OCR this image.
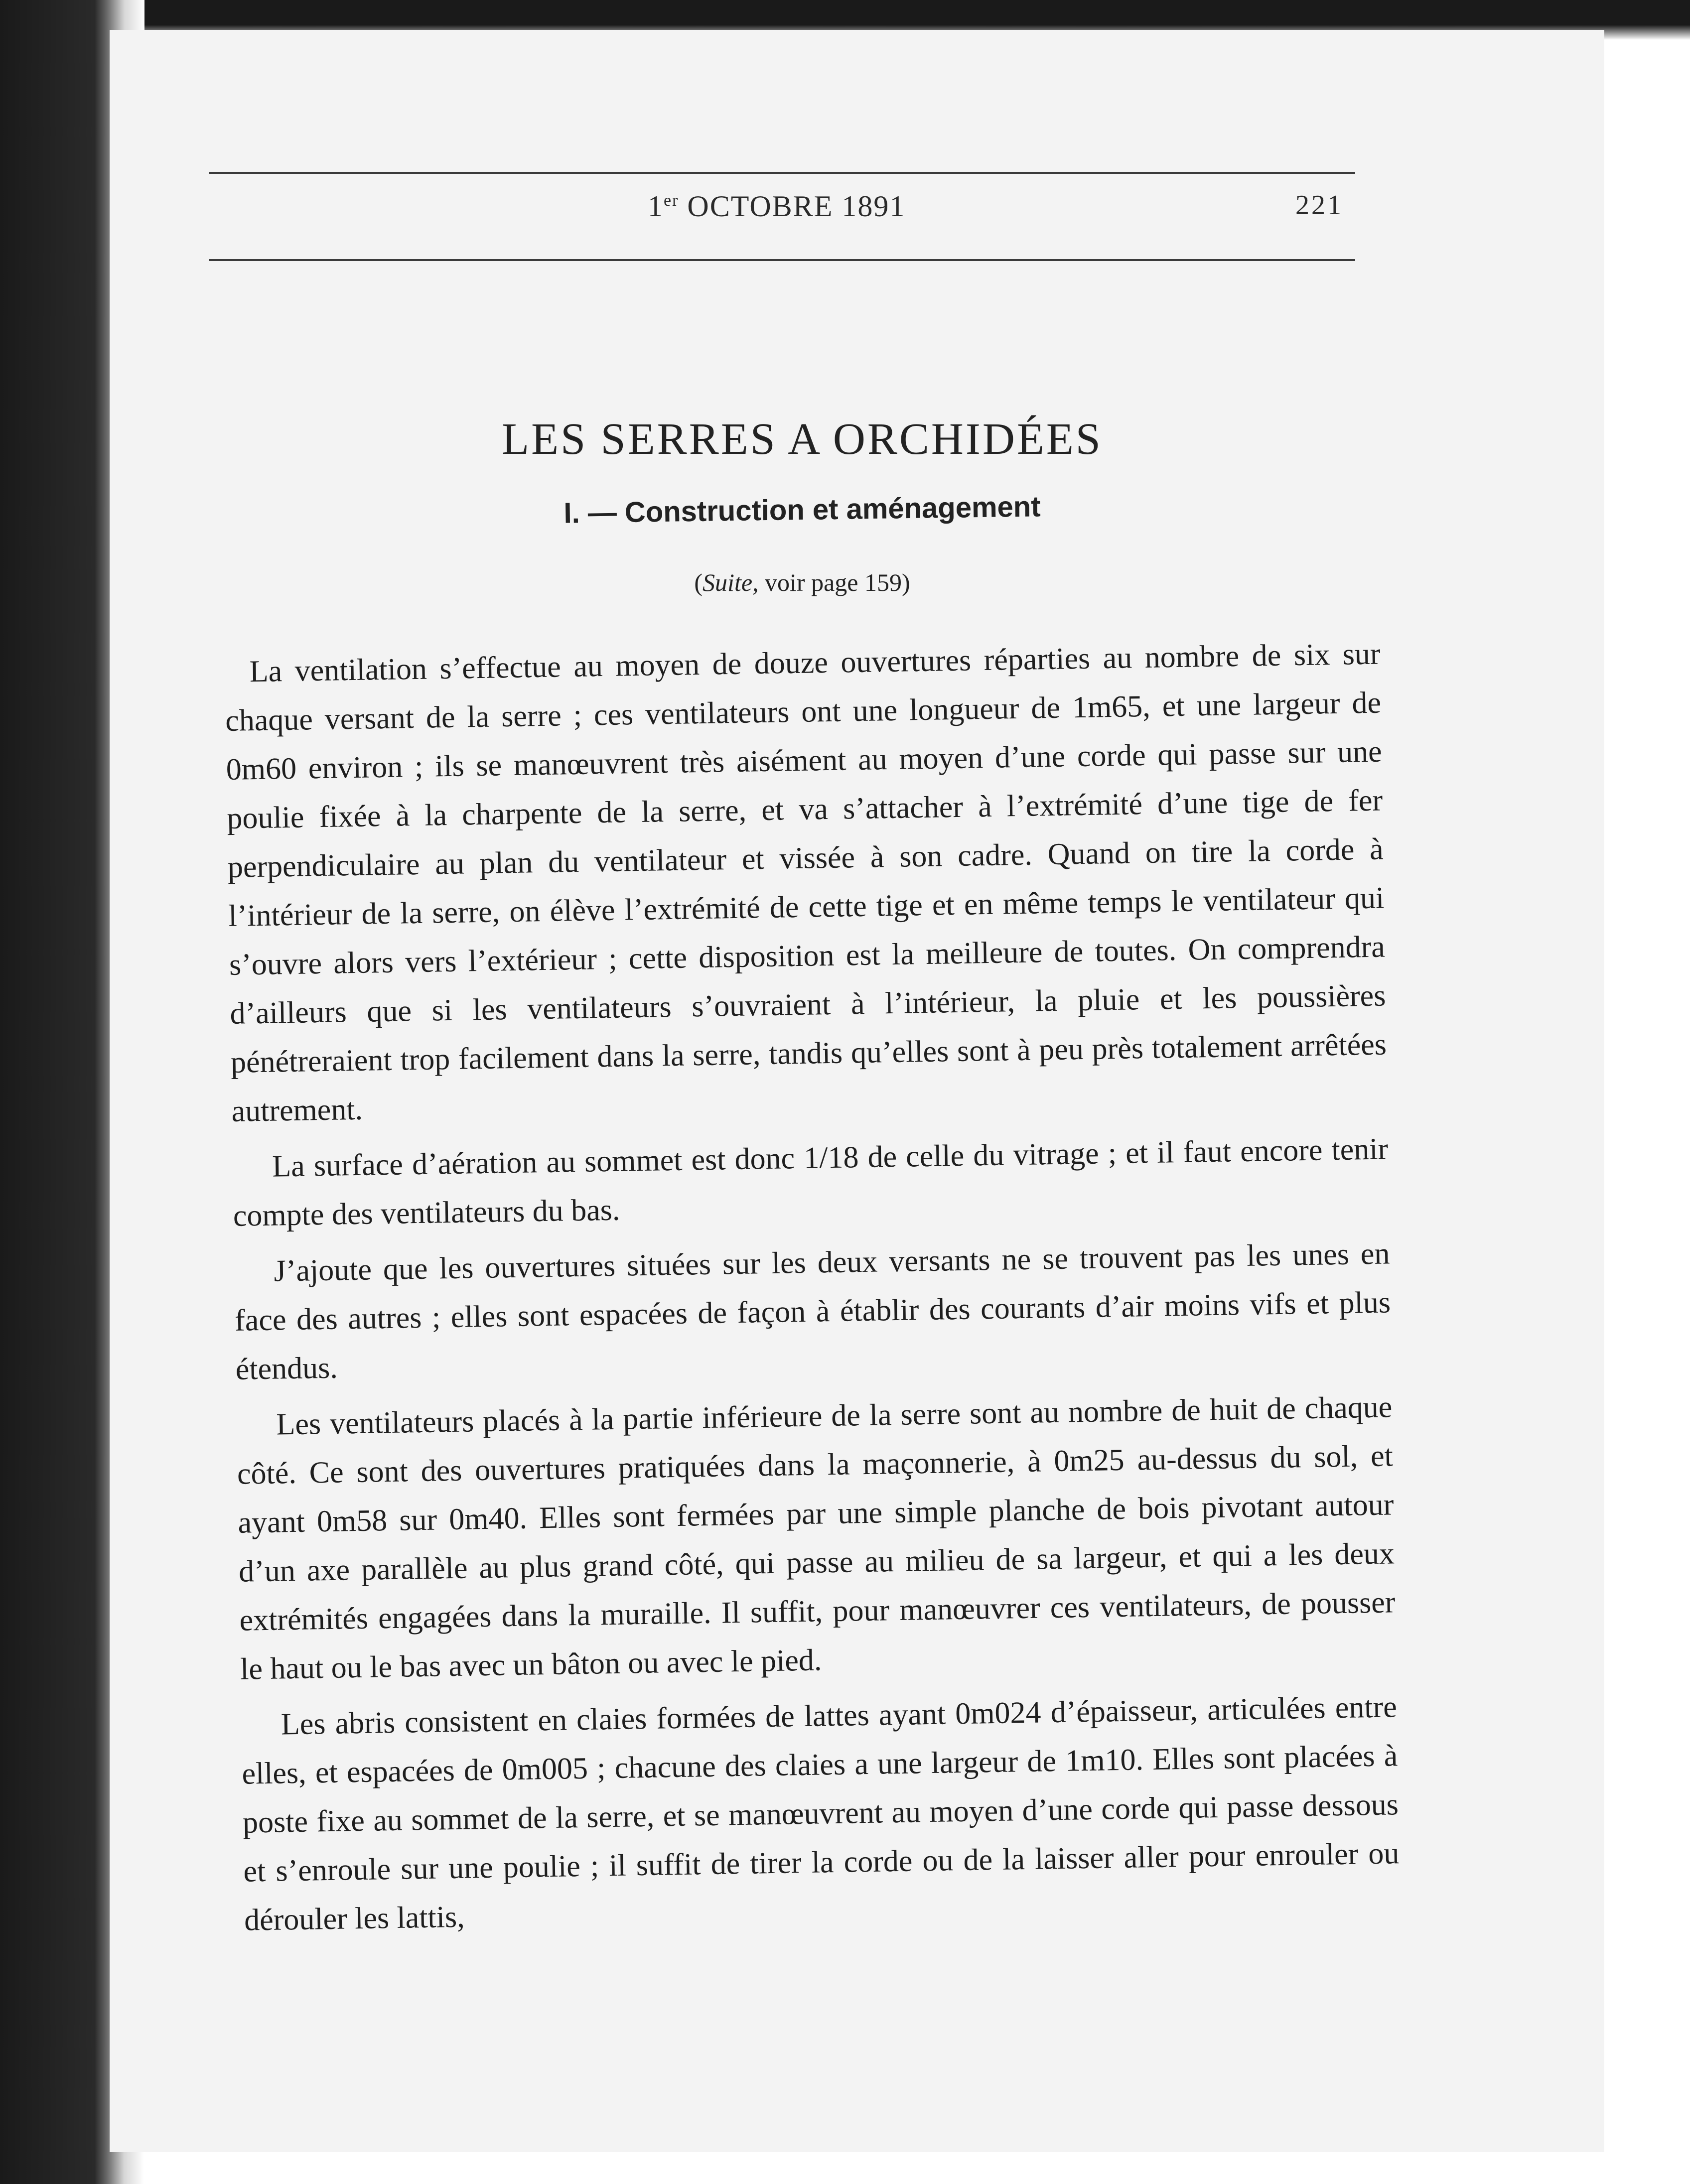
1er OCTOBRE 1891	221
LES SERRES A ORCHIDÉES
I. — Construction et aménagement
(Suite, voir page 159)

La ventilation s’effectue au moyen de douze ouvertures réparties au nombre de six sur chaque versant de la serre ; ces ventilateurs ont une longueur de 1m65, et une largeur de 0m60 environ ; ils se manœuvrent très aisément au moyen d’une corde qui passe sur une poulie fixée à la charpente de la serre, et va s’attacher à l’extrémité d’une tige de fer perpendiculaire au plan du ventilateur et vissée à son cadre. Quand on tire la corde à l’intérieur de la serre, on élève l’extrémité de cette tige et en même temps le ventilateur qui s’ouvre alors vers l’extérieur ; cette disposition est la meilleure de toutes. On comprendra d’ailleurs que si les ventilateurs s’ouvraient à l’intérieur, la pluie et les poussières pénétreraient trop facilement dans la serre, tandis qu’elles sont à peu près totalement arrêtées autrement.

La surface d’aération au sommet est donc 1/18 de celle du vitrage ; et il faut encore tenir compte des ventilateurs du bas.

J’ajoute que les ouvertures situées sur les deux versants ne se trouvent pas les unes en face des autres ; elles sont espacées de façon à établir des courants d’air moins vifs et plus étendus.

Les ventilateurs placés à la partie inférieure de la serre sont au nombre de huit de chaque côté. Ce sont des ouvertures pratiquées dans la maçonnerie, à 0m25 au-dessus du sol, et ayant 0m58 sur 0m40. Elles sont fermées par une simple planche de bois pivotant autour d’un axe parallèle au plus grand côté, qui passe au milieu de sa largeur, et qui a les deux extrémités engagées dans la muraille. Il suffit, pour manœuvrer ces ventilateurs, de pousser le haut ou le bas avec un bâton ou avec le pied.

Les abris consistent en claies formées de lattes ayant 0m024 d’épaisseur, articulées entre elles, et espacées de 0m005 ; chacune des claies a une largeur de 1m10. Elles sont placées à poste fixe au sommet de la serre, et se manœuvrent au moyen d’une corde qui passe dessous et s’enroule sur une poulie ; il suffit de tirer la corde ou de la laisser aller pour enrouler ou dérouler les lattis,
